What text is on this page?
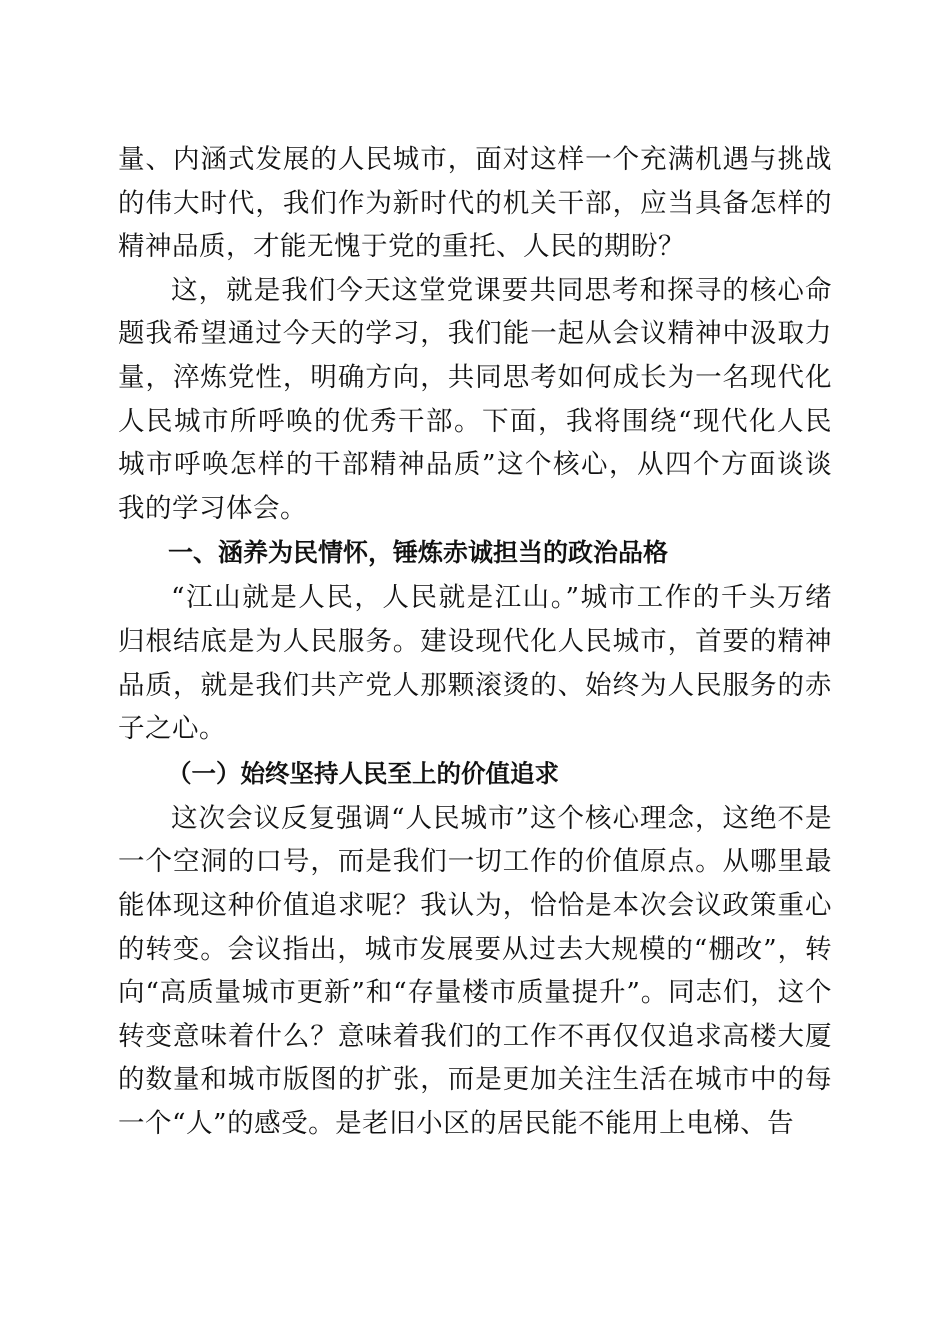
量、内涵式发展的人民城市，面对这样一个充满机遇与挑战的伟大时代，我们作为新时代的机关干部，应当具备怎样的精神品质，才能无愧于党的重托、人民的期盼？

这，就是我们今天这堂党课要共同思考和探寻的核心命题我希望通过今天的学习，我们能一起从会议精神中汲取力量，淬炼党性，明确方向，共同思考如何成长为一名现代化人民城市所呼唤的优秀干部。下面，我将围绕“现代化人民城市呼唤怎样的干部精神品质”这个核心，从四个方面谈谈我的学习体会。

一、涵养为民情怀，锤炼赤诚担当的政治品格

“江山就是人民，人民就是江山。”城市工作的千头万绪归根结底是为人民服务。建设现代化人民城市，首要的精神品质，就是我们共产党人那颗滚烫的、始终为人民服务的赤子之心。

（一）始终坚持人民至上的价值追求

这次会议反复强调“人民城市”这个核心理念，这绝不是一个空洞的口号，而是我们一切工作的价值原点。从哪里最能体现这种价值追求呢？我认为，恰恰是本次会议政策重心的转变。会议指出，城市发展要从过去大规模的“棚改”，转向“高质量城市更新”和“存量楼市质量提升”。同志们，这个转变意味着什么？意味着我们的工作不再仅仅追求高楼大厦的数量和城市版图的扩张，而是更加关注生活在城市中的每一个“人”的感受。是老旧小区的居民能不能用上电梯、告
